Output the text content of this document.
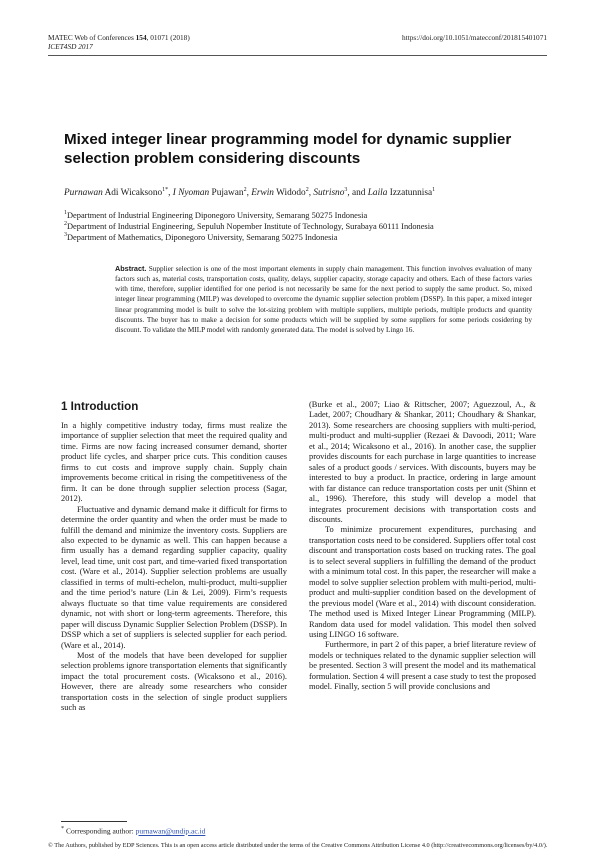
MATEC Web of Conferences 154, 01071 (2018)
ICET4SD 2017
https://doi.org/10.1051/matecconf/201815401071
Mixed integer linear programming model for dynamic supplier selection problem considering discounts
Purnawan Adi Wicaksono$^{1*}$, I Nyoman Pujawan$^2$, Erwin Widodo$^2$, Sutrisno$^3$, and Laila Izzatunnisa$^1$
$^1$Department of Industrial Engineering Diponegoro University, Semarang 50275 Indonesia
$^2$Department of Industrial Engineering, Sepuluh Nopember Institute of Technology, Surabaya 60111 Indonesia
$^3$Department of Mathematics, Diponegoro University, Semarang 50275 Indonesia
Abstract. Supplier selection is one of the most important elements in supply chain management. This function involves evaluation of many factors such as, material costs, transportation costs, quality, delays, supplier capacity, storage capacity and others. Each of these factors varies with time, therefore, supplier identified for one period is not necessarily be same for the next period to supply the same product. So, mixed integer linear programming (MILP) was developed to overcome the dynamic supplier selection problem (DSSP). In this paper, a mixed integer linear programming model is built to solve the lot-sizing problem with multiple suppliers, multiple periods, multiple products and quantity discounts. The buyer has to make a decision for some products which will be supplied by some suppliers for some periods cosidering by discount. To validate the MILP model with randomly generated data. The model is solved by Lingo 16.
1 Introduction

In a highly competitive industry today, firms must realize the importance of supplier selection that meet the required quality and time. Firms are now facing increased consumer demand, shorter product life cycles, and sharper price cuts. This condition causes firms to cut costs and improve supply chain. Supply chain improvements become critical in rising the competitiveness of the firm. It can be done through supplier selection process (Sagar, 2012).

Fluctuative and dynamic demand make it difficult for firms to determine the order quantity and when the order must be made to fulfill the demand and minimize the inventory costs. Suppliers are also expected to be dynamic as well. This can happen because a firm usually has a demand regarding supplier capacity, quality level, lead time, unit cost part, and time-varied fixed transportation cost. (Ware et al., 2014). Supplier selection problems are usually classified in terms of multi-echelon, multi-product, multi-supplier and the time period’s nature (Lin & Lei, 2009). Firm’s requests always fluctuate so that time value requirements are considered dynamic, not with short or long-term agreements. Therefore, this paper will discuss Dynamic Supplier Selection Problem (DSSP). In DSSP which a set of suppliers is selected supplier for each period. (Ware et al., 2014).

Most of the models that have been developed for supplier selection problems ignore transportation elements that significantly impact the total procurement costs. (Wicaksono et al., 2016). However, there are already some researchers who consider transportation costs in the selection of single product suppliers such as

(Burke et al., 2007; Liao & Rittscher, 2007; Aguezzoul, A., & Ladet, 2007; Choudhary & Shankar, 2011; Choudhary & Shankar, 2013). Some researchers are choosing suppliers with multi-period, multi-product and multi-supplier (Rezaei & Davoodi, 2011; Ware et al., 2014; Wicaksono et al., 2016). In another case, the supplier provides discounts for each purchase in large quantities to increase sales of a product goods / services. With discounts, buyers may be interested to buy a product. In practice, ordering in large amount with far distance can reduce transportation costs per unit (Shinn et al., 1996). Therefore, this study will develop a model that integrates procurement decisions with transportation costs and discounts.

To minimize procurement expenditures, purchasing and transportation costs need to be considered. Suppliers offer total cost discount and transportation costs based on trucking rates. The goal is to select several suppliers in fulfilling the demand of the product with a minimum total cost. In this paper, the researcher will make a model to solve supplier selection problem with multi-period, multi-product and multi-supplier condition based on the development of the previous model (Ware et al., 2014) with discount consideration. The method used is Mixed Integer Linear Programming (MILP). Random data used for model validation. This model then solved using LINGO 16 software.

Furthermore, in part 2 of this paper, a brief literature review of models or techniques related to the dynamic supplier selection will be presented. Section 3 will present the model and its mathematical formulation. Section 4 will present a case study to test the proposed model. Finally, section 5 will provide conclusions and

* Corresponding author: purnawan@undip.ac.id
© The Authors, published by EDP Sciences. This is an open access article distributed under the terms of the Creative Commons Attribution License 4.0 (http://creativecommons.org/licenses/by/4.0/).
